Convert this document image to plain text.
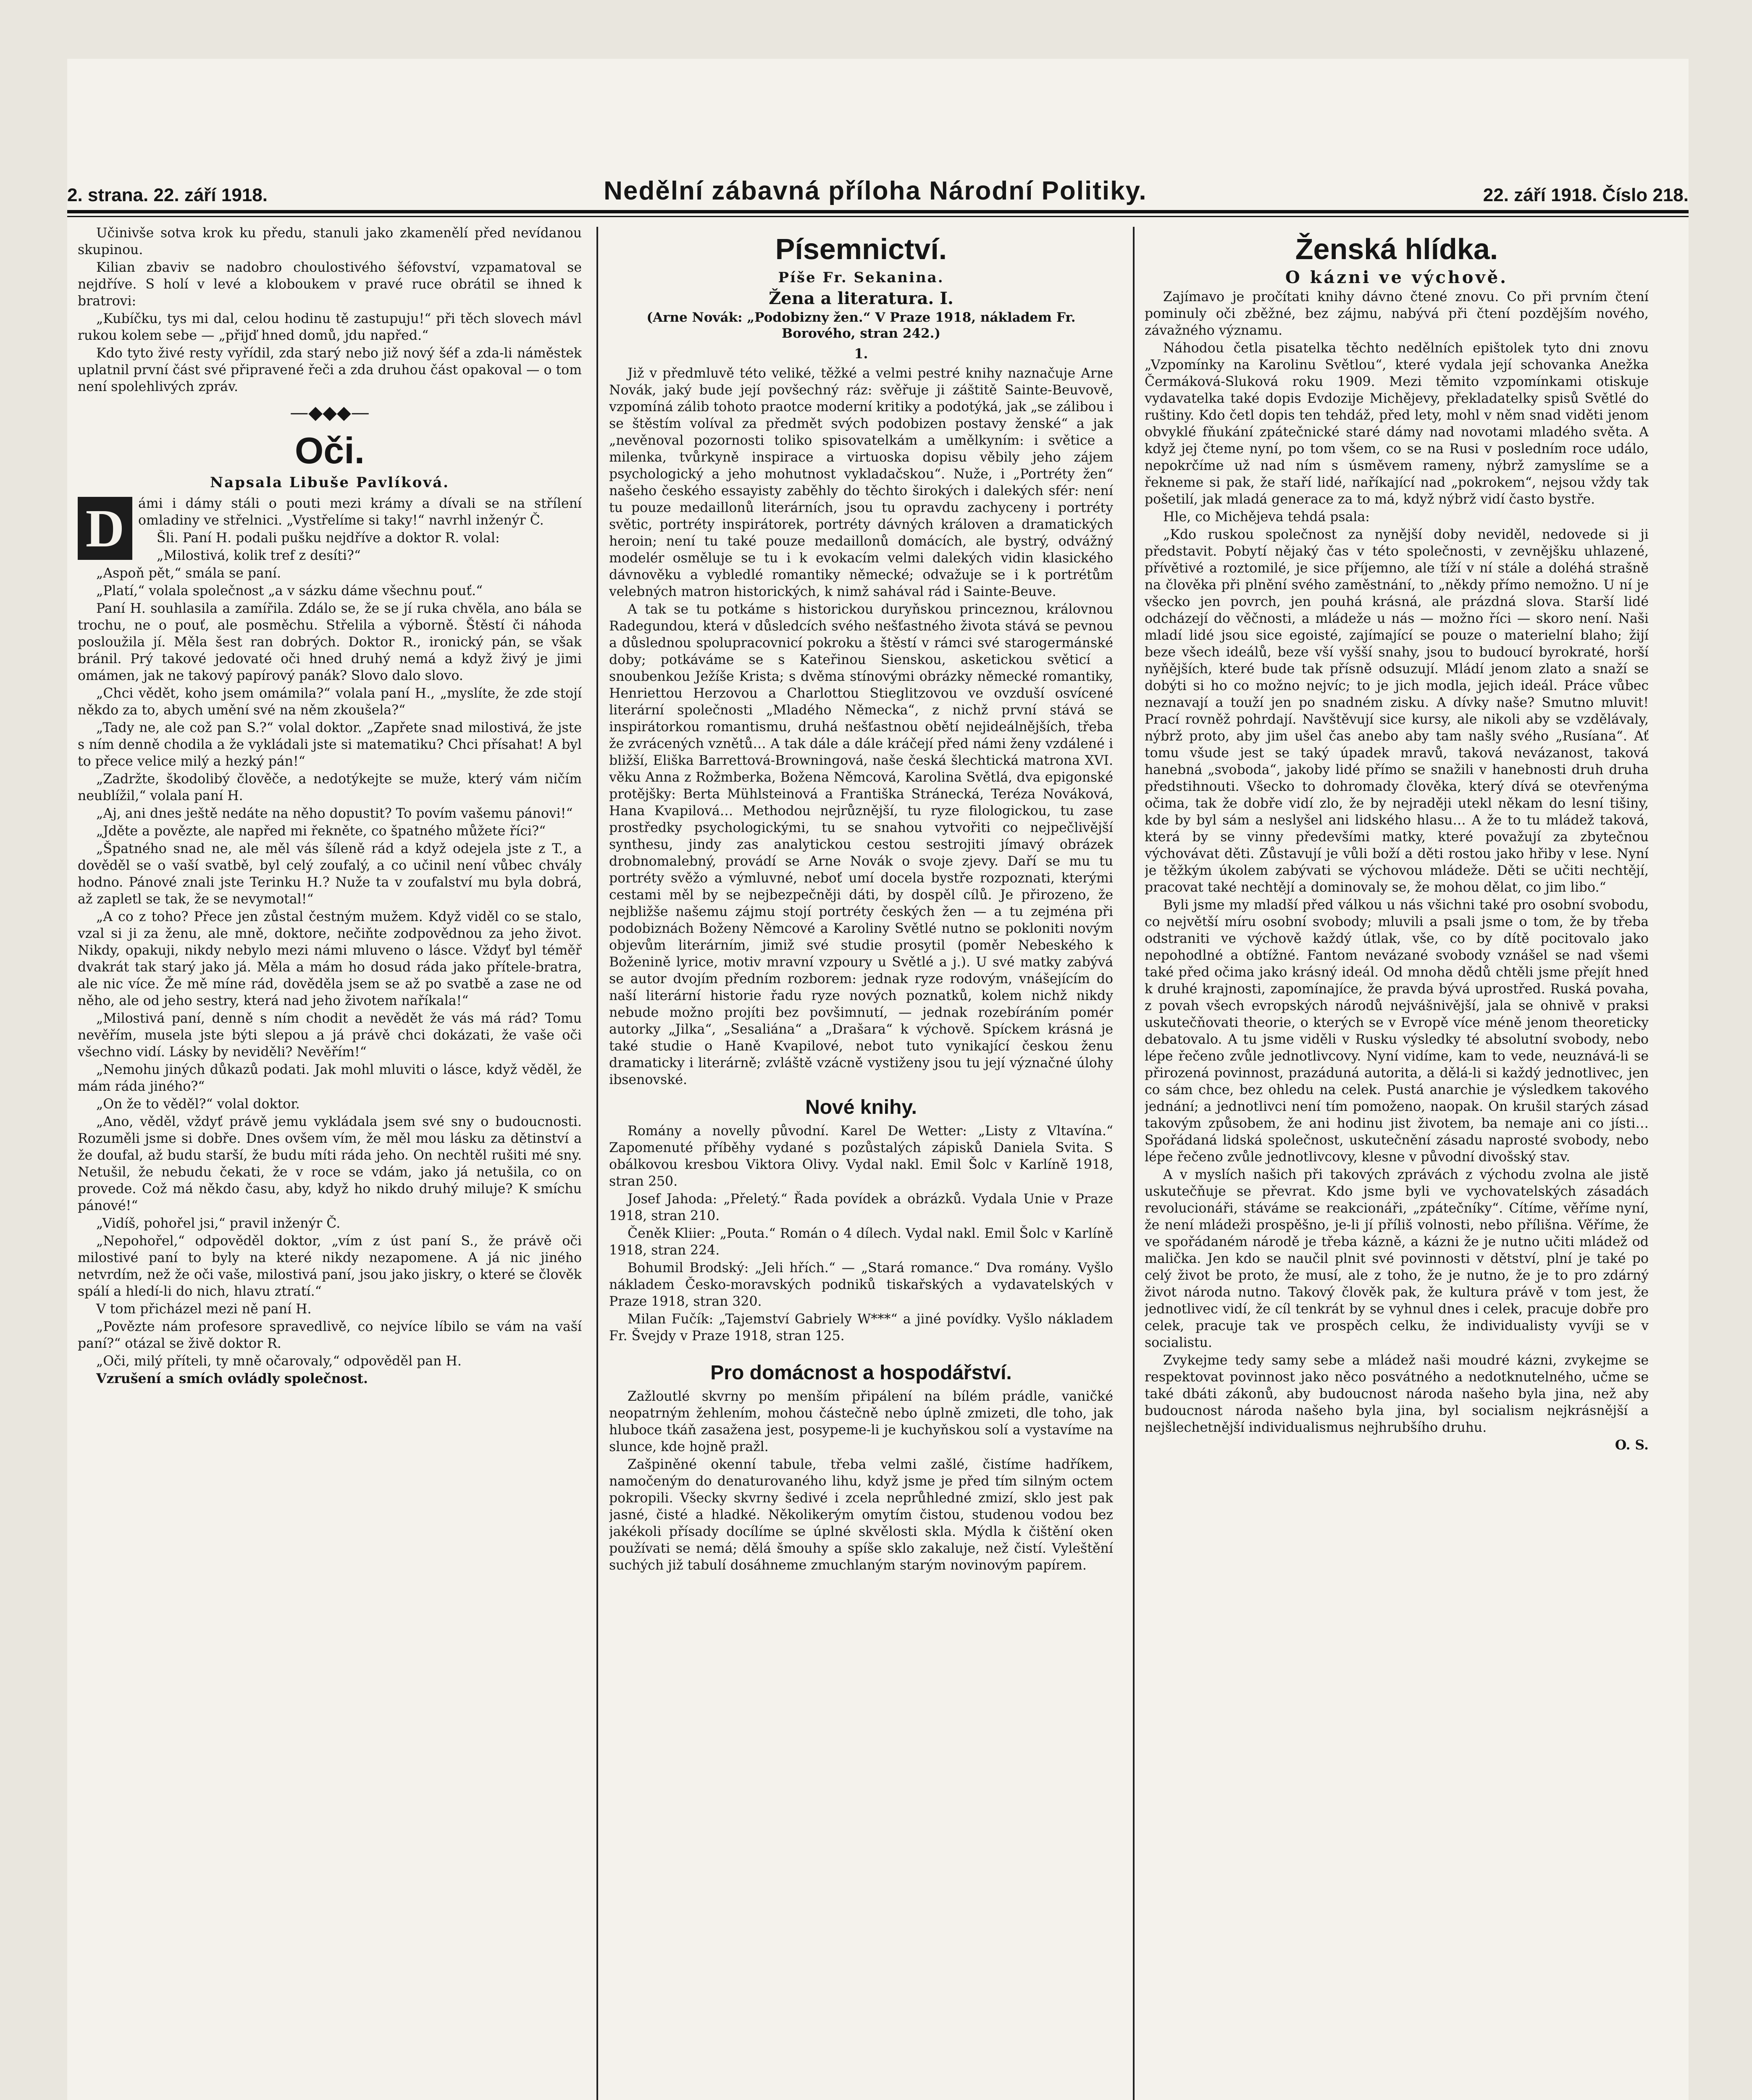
2. strana. 22. září 1918.	Nedělní zábavná příloha Národní Politiky.	22. září 1918. Číslo 218.

Učinivše sotva krok ku předu, stanuli jako zkamenělí před nevídanou skupinou.

Kilian zbaviv se nadobro choulostivého šéfovství, vzpamatoval se nejdříve. S holí v levé a kloboukem v pravé ruce obrátil se ihned k bratrovi:

„Kubíčku, tys mi dal, celou hodinu tě zastupuju!“ při těch slovech mávl rukou kolem sebe — „přijď hned domů, jdu napřed.“

Kdo tyto živé resty vyřídil, zda starý nebo již nový šéf a zda-li náměstek uplatnil první část své připravené řeči a zda druhou část opakoval — o tom není spolehlivých zpráv.

—◆◆◆—
Oči.
Napsala Libuše Pavlíková.

D	ámi i dámy stáli o pouti mezi krámy a dívali se na střílení omladiny ve střelnici. „Vystřelíme si taky!“ navrhl inženýr Č.

Šli. Paní H. podali pušku nejdříve a doktor R. volal:

„Milostivá, kolik tref z desíti?“

„Aspoň pět,“ smála se paní.

„Platí,“ volala společnost „a v sázku dáme všechnu pouť.“

Paní H. souhlasila a zamířila. Zdálo se, že se jí ruka chvěla, ano bála se trochu, ne o pouť, ale posměchu. Střelila a výborně. Štěstí či náhoda posloužila jí. Měla šest ran dobrých. Doktor R., ironický pán, se však bránil. Prý takové jedovaté oči hned druhý nemá a když živý je jimi omámen, jak ne takový papírový panák? Slovo dalo slovo.

„Chci vědět, koho jsem omámila?“ volala paní H., „myslíte, že zde stojí někdo za to, abych umění své na něm zkoušela?“

„Tady ne, ale což pan S.?“ volal doktor. „Zapřete snad milostivá, že jste s ním denně chodila a že vykládali jste si matematiku? Chci přísahat! A byl to přece velice milý a hezký pán!“

„Zadržte, škodolibý člověče, a nedotýkejte se muže, který vám ničím neublížil,“ volala paní H.

„Aj, ani dnes ještě nedáte na něho dopustit? To povím vašemu pánovi!“

„Jděte a povězte, ale napřed mi řekněte, co špatného můžete říci?“

„Špatného snad ne, ale měl vás šíleně rád a když odejela jste z T., a dověděl se o vaší svatbě, byl celý zoufalý, a co učinil není vůbec chvály hodno. Pánové znali jste Terinku H.? Nuže ta v zoufalství mu byla dobrá, až zapletl se tak, že se nevymotal!“

„A co z toho? Přece jen zůstal čestným mužem. Když viděl co se stalo, vzal si ji za ženu, ale mně, doktore, nečiňte zodpovědnou za jeho život. Nikdy, opakuji, nikdy nebylo mezi námi mluveno o lásce. Vždyť byl téměř dvakrát tak starý jako já. Měla a mám ho dosud ráda jako přítele-bratra, ale nic více. Že mě míne rád, dověděla jsem se až po svatbě a zase ne od něho, ale od jeho sestry, která nad jeho životem naříkala!“

„Milostivá paní, denně s ním chodit a nevědět že vás má rád? Tomu nevěřím, musela jste býti slepou a já právě chci dokázati, že vaše oči všechno vidí. Lásky by neviděli? Nevěřím!“

„Nemohu jiných důkazů podati. Jak mohl mluviti o lásce, když věděl, že mám ráda jiného?“

„On že to věděl?“ volal doktor.

„Ano, věděl, vždyť právě jemu vykládala jsem své sny o budoucnosti. Rozuměli jsme si dobře. Dnes ovšem vím, že měl mou lásku za dětinství a že doufal, až budu starší, že budu míti ráda jeho. On nechtěl rušiti mé sny. Netušil, že nebudu čekati, že v roce se vdám, jako já netušila, co on provede. Což má někdo času, aby, když ho nikdo druhý miluje? K smíchu pánové!“

„Vidíš, pohořel jsi,“ pravil inženýr Č.

„Nepohořel,“ odpověděl doktor, „vím z úst paní S., že právě oči milostivé paní to byly na které nikdy nezapomene. A já nic jiného netvrdím, než že oči vaše, milostivá paní, jsou jako jiskry, o které se člověk spálí a hledí-li do nich, hlavu ztratí.“

V tom přicházel mezi ně paní H.

„Povězte nám profesore spravedlivě, co nejvíce líbilo se vám na vaší paní?“ otázal se živě doktor R.

„Oči, milý příteli, ty mně očarovaly,“ odpověděl pan H.

Vzrušení a smích ovládly společnost.

Písemnictví.
Píše Fr. Sekanina.
Žena a literatura. I.
(Arne Novák: „Podobizny žen.“ V Praze 1918, nákladem Fr. Borového, stran 242.)
1.

Již v předmluvě této veliké, těžké a velmi pestré knihy naznačuje Arne Novák, jaký bude její povšechný ráz: svěřuje ji záštitě Sainte-Beuvově, vzpomíná zálib tohoto praotce moderní kritiky a podotýká, jak „se zálibou i se štěstím volíval za předmět svých podobizen postavy ženské“ a jak „nevěnoval pozornosti toliko spisovatelkám a umělkyním: i světice a milenka, tvůrkyně inspirace a virtuoska dopisu věbily jeho zájem psychologický a jeho mohutnost vykladačskou“. Nuže, i „Portréty žen“ našeho českého essayisty zaběhly do těchto širokých i dalekých sfér: není tu pouze medaillonů literárních, jsou tu opravdu zachyceny i portréty světic, portréty inspirátorek, portréty dávných královen a dramatických heroin; není tu také pouze medaillonů domácích, ale bystrý, odvážný modelér osměluje se tu i k evokacím velmi dalekých vidin klasického dávnověku a vybledlé romantiky německé; odvažuje se i k portrétům velebných matron historických, k nimž sahával rád i Sainte-Beuve.

A tak se tu potkáme s historickou duryňskou princeznou, královnou Radegundou, která v důsledcích svého nešťastného života stává se pevnou a důslednou spolupracovnicí pokroku a štěstí v rámci své starogermánské doby; potkáváme se s Kateřinou Sienskou, asketickou světicí a snoubenkou Ježíše Krista; s dvěma stínovými obrázky německé romantiky, Henriettou Herzovou a Charlottou Stieglitzovou ve ovzduší osvícené literární společnosti „Mladého Německa“, z nichž první stává se inspirátorkou romantismu, druhá nešťastnou obětí nejideálnějších, třeba že zvrácených vznětů… A tak dále a dále kráčejí před námi ženy vzdálené i bližší, Eliška Barrettová-Browningová, naše česká šlechtická matrona XVI. věku Anna z Rožmberka, Božena Němcová, Karolina Světlá, dva epigonské protějšky: Berta Mühlsteinová a Františka Stránecká, Teréza Nováková, Hana Kvapilová… Methodou nejrůznější, tu ryze filologickou, tu zase prostředky psychologickými, tu se snahou vytvořiti co nejpečlivější synthesu, jindy zas analytickou cestou sestrojiti jímavý obrázek drobnomalebný, provádí se Arne Novák o svoje zjevy. Daří se mu tu portréty svěžo a výmluvné, neboť umí docela bystře rozpoznati, kterými cestami měl by se nejbezpečněji dáti, by dospěl cílů. Je přirozeno, že nejbližše našemu zájmu stojí portréty českých žen — a tu zejména při podobiznách Boženy Němcové a Karoliny Světlé nutno se pokloniti novým objevům literárním, jimiž své studie prosytil (poměr Nebeského k Boženině lyrice, motiv mravní vzpoury u Světlé a j.). U své matky zabývá se autor dvojím předním rozborem: jednak ryze rodovým, vnášejícím do naší literární historie řadu ryze nových poznatků, kolem nichž nikdy nebude možno projíti bez povšimnutí, — jednak rozebíráním pomér autorky „Jilka“, „Sesaliána“ a „Drašara“ k výchově. Spíckem krásná je také studie o Haně Kvapilové, nebot tuto vynikající českou ženu dramaticky i literárně; zvláště vzácně vystiženy jsou tu její význačné úlohy ibsenovské.

Nové knihy.

Romány a novelly původní. Karel De Wetter: „Listy z Vltavína.“ Zapomenuté příběhy vydané s pozůstalých zápisků Daniela Svita. S obálkovou kresbou Viktora Olivy. Vydal nakl. Emil Šolc v Karlíně 1918, stran 250.

Josef Jahoda: „Přeletý.“ Řada povídek a obrázků. Vydala Unie v Praze 1918, stran 210.

Čeněk Kliier: „Pouta.“ Román o 4 dílech. Vydal nakl. Emil Šolc v Karlíně 1918, stran 224.

Bohumil Brodský: „Jeli hřích.“ — „Stará romance.“ Dva romány. Vyšlo nákladem Česko-moravských podniků tiskařských a vydavatelských v Praze 1918, stran 320.

Milan Fučík: „Tajemství Gabriely W***“ a jiné povídky. Vyšlo nákladem Fr. Švejdy v Praze 1918, stran 125.

Pro domácnost a hospodářství.

Zažloutlé skvrny po menším připálení na bílém prádle, vaničké neopatrným žehlením, mohou částečně nebo úplně zmizeti, dle toho, jak hluboce tkáň zasažena jest, posypeme-li je kuchyňskou solí a vystavíme na slunce, kde hojně pražl.

Zašpiněné okenní tabule, třeba velmi zašlé, čistíme hadříkem, namočeným do denaturovaného lihu, když jsme je před tím silným octem pokropili. Všecky skvrny šedivé i zcela neprůhledné zmizí, sklo jest pak jasné, čisté a hladké. Několikerým omytím čistou, studenou vodou bez jakékoli přísady docílíme se úplné skvělosti skla. Mýdla k čištění oken používati se nemá; dělá šmouhy a spíše sklo zakaluje, než čistí. Vyleštění suchých již tabulí dosáhneme zmuchlaným starým novinovým papírem.

Ženská hlídka.
O kázni ve výchově.

Zajímavo je pročítati knihy dávno čtené znovu. Co při prvním čtení pominuly oči zběžné, bez zájmu, nabývá při čtení pozdějším nového, závažného významu.

Náhodou četla pisatelka těchto nedělních epištolek tyto dni znovu „Vzpomínky na Karolinu Světlou“, které vydala její schovanka Anežka Čermáková-Sluková roku 1909. Mezi těmito vzpomínkami otiskuje vydavatelka také dopis Evdozije Michějevy, překladatelky spisů Světlé do ruštiny. Kdo četl dopis ten tehdáž, před lety, mohl v něm snad viděti jenom obvyklé fňukání zpátečnické staré dámy nad novotami mladého světa. A když jej čteme nyní, po tom všem, co se na Rusi v posledním roce událo, nepokrčíme už nad ním s úsměvem rameny, nýbrž zamyslíme se a řekneme si pak, že staří lidé, naříkající nad „pokrokem“, nejsou vždy tak pošetilí, jak mladá generace za to má, když nýbrž vidí často bystře.

Hle, co Michějeva tehdá psala:

„Kdo ruskou společnost za nynější doby neviděl, nedovede si ji představit. Pobytí nějaký čas v této společnosti, v zevnějšku uhlazené, přívětivé a roztomilé, je sice příjemno, ale tíží v ní stále a doléhá strašně na člověka při plnění svého zaměstnání, to „někdy přímo nemožno. U ní je všecko jen povrch, jen pouhá krásná, ale prázdná slova. Starší lidé odcházejí do věčnosti, a mládeže u nás — možno říci — skoro není. Naši mladí lidé jsou sice egoisté, zajímající se pouze o materielní blaho; žijí beze všech ideálů, beze vší vyšší snahy, jsou to budoucí byrokraté, horší nyňějších, které bude tak přísně odsuzují. Mládí jenom zlato a snaží se dobýti si ho co možno nejvíc; to je jich modla, jejich ideál. Práce vůbec neznavají a touží jen po snadném zisku. A dívky naše? Smutno mluvit! Prací rovněž pohrdají. Navštěvují sice kursy, ale nikoli aby se vzdělávaly, nýbrž proto, aby jim ušel čas anebo aby tam našly svého „Rusíana“. Ať tomu všude jest se taký úpadek mravů, taková nevázanost, taková hanebná „svoboda“, jakoby lidé přímo se snažili v hanebnosti druh druha předstihnouti. Všecko to dohromady člověka, který dívá se otevřenýma očima, tak že dobře vidí zlo, že by nejraději utekl někam do lesní tišiny, kde by byl sám a neslyšel ani lidského hlasu… A že to tu mládež taková, která by se vinny předevšími matky, které považují za zbytečnou výchovávat děti. Zůstavují je vůli boží a děti rostou jako hřiby v lese. Nyní je těžkým úkolem zabývati se výchovou mládeže. Děti se učiti nechtějí, pracovat také nechtějí a dominovaly se, že mohou dělat, co jim libo.“

Byli jsme my mladší před válkou u nás všichni také pro osobní svobodu, co největší míru osobní svobody; mluvili a psali jsme o tom, že by třeba odstraniti ve výchově každý útlak, vše, co by dítě pocitovalo jako nepohodlné a obtížné. Fantom nevázané svobody vznášel se nad všemi také před očima jako krásný ideál. Od mnoha dědů chtěli jsme přejít hned k druhé krajnosti, zapomínajíce, že pravda bývá uprostřed. Ruská povaha, z povah všech evropských národů nejvášnivější, jala se ohnivě v praksi uskutečňovati theorie, o kterých se v Evropě více méně jenom theoreticky debatovalo. A tu jsme viděli v Rusku výsledky té absolutní svobody, nebo lépe řečeno zvůle jednotlivcovy. Nyní vidíme, kam to vede, neuznává-li se přirozená povinnost, prazáduná autorita, a dělá-li si každý jednotlivec, jen co sám chce, bez ohledu na celek. Pustá anarchie je výsledkem takového jednání; a jednotlivci není tím pomoženo, naopak. On krušil starých zásad takovým způsobem, že ani hodinu jist životem, ba nemaje ani co jísti… Spořádaná lidská společnost, uskutečnění zásadu naprosté svobody, nebo lépe řečeno zvůle jednotlivcovy, klesne v původní divošský stav.

A v myslích našich při takových zprávách z východu zvolna ale jistě uskutečňuje se převrat. Kdo jsme byli ve vychovatelských zásadách revolucionáři, stáváme se reakcionáři, „zpátečníky“. Cítíme, věříme nyní, že není mládeži prospěšno, je-li jí příliš volnosti, nebo přílišna. Věříme, že ve spořádaném národě je třeba kázně, a kázni že je nutno učiti mládež od malička. Jen kdo se naučil plnit své povinnosti v dětství, plní je také po celý život be proto, že musí, ale z toho, že je nutno, že je to pro zdárný život národa nutno. Takový člověk pak, že kultura právě v tom jest, že jednotlivec vidí, že cíl tenkrát by se vyhnul dnes i celek, pracuje dobře pro celek, pracuje tak ve prospěch celku, že individualisty vyvíji se v socialistu.

Zvykejme tedy samy sebe a mládež naši moudré kázni, zvykejme se respektovat povinnost jako něco posvátného a nedotknutelného, učme se také dbáti zákonů, aby budoucnost národa našeho byla jina, než aby budoucnost národa našeho byla jina, byl socialism nejkrásnější a nejšlechetnější individualismus nejhrubšího druhu.

O. S.
